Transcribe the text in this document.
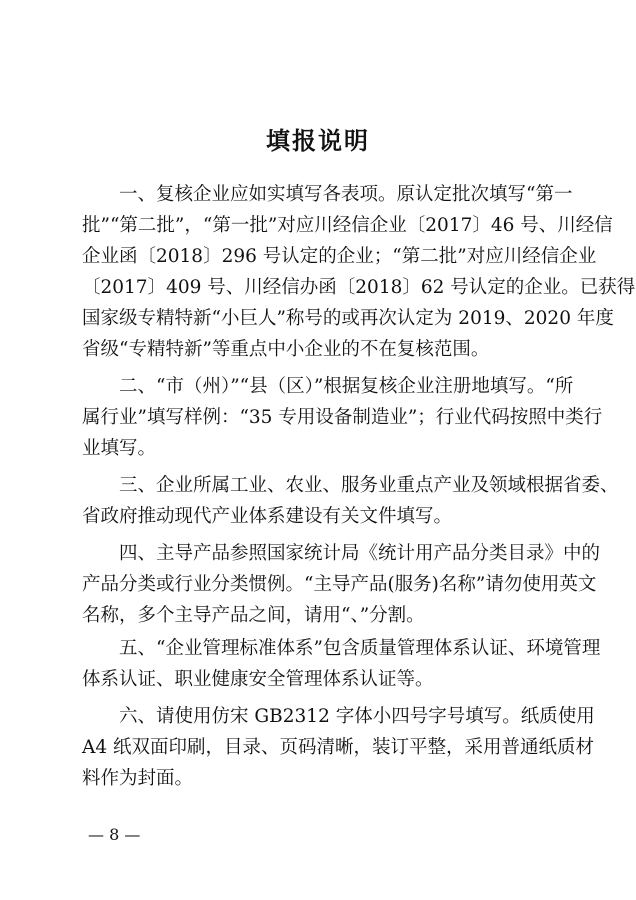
填报说明

一、复核企业应如实填写各表项。原认定批次填写“第一

批”“第二批”，“第一批”对应川经信企业〔2017〕46 号、川经信

企业函〔2018〕296 号认定的企业；“第二批”对应川经信企业

〔2017〕409 号、川经信办函〔2018〕62 号认定的企业。已获得

国家级专精特新“小巨人”称号的或再次认定为 2019、2020 年度

省级“专精特新”等重点中小企业的不在复核范围。

二、“市（州）”“县（区）”根据复核企业注册地填写。“所

属行业”填写样例：“35 专用设备制造业”；行业代码按照中类行

业填写。

三、企业所属工业、农业、服务业重点产业及领域根据省委、

省政府推动现代产业体系建设有关文件填写。

四、主导产品参照国家统计局《统计用产品分类目录》中的

产品分类或行业分类惯例。“主导产品(服务)名称”请勿使用英文

名称，多个主导产品之间，请用“、”分割。

五、“企业管理标准体系”包含质量管理体系认证、环境管理

体系认证、职业健康安全管理体系认证等。

六、请使用仿宋 GB2312 字体小四号字号填写。纸质使用

A4 纸双面印刷，目录、页码清晰，装订平整，采用普通纸质材

料作为封面。

— 8 —
